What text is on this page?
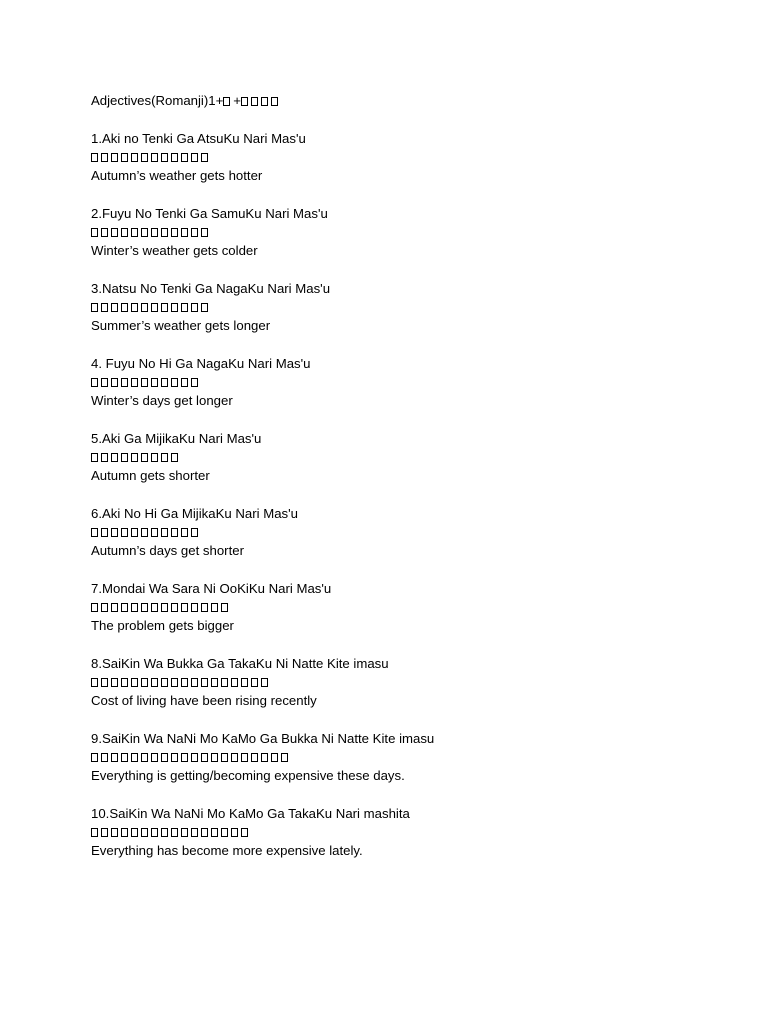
Adjectives(Romanji)1+ +
1.Aki no Tenki Ga AtsuKu Nari Mas'u
Autumn’s weather gets hotter
2.Fuyu No Tenki Ga SamuKu Nari Mas'u
Winter’s weather gets colder
3.Natsu No Tenki Ga NagaKu Nari Mas'u
Summer’s weather gets longer
4. Fuyu No Hi Ga NagaKu Nari Mas'u
Winter’s days get longer
5.Aki Ga MijikaKu Nari Mas'u
Autumn gets shorter
6.Aki No Hi Ga MijikaKu Nari Mas'u
Autumn’s days get shorter
7.Mondai Wa Sara Ni OoKiKu Nari Mas'u
The problem gets bigger
8.SaiKin Wa Bukka Ga TakaKu Ni Natte Kite imasu
Cost of living have been rising recently
9.SaiKin Wa NaNi Mo KaMo Ga Bukka Ni Natte Kite imasu
Everything is getting/becoming expensive these days.
10.SaiKin Wa NaNi Mo KaMo Ga TakaKu Nari mashita
Everything has become more expensive lately.
